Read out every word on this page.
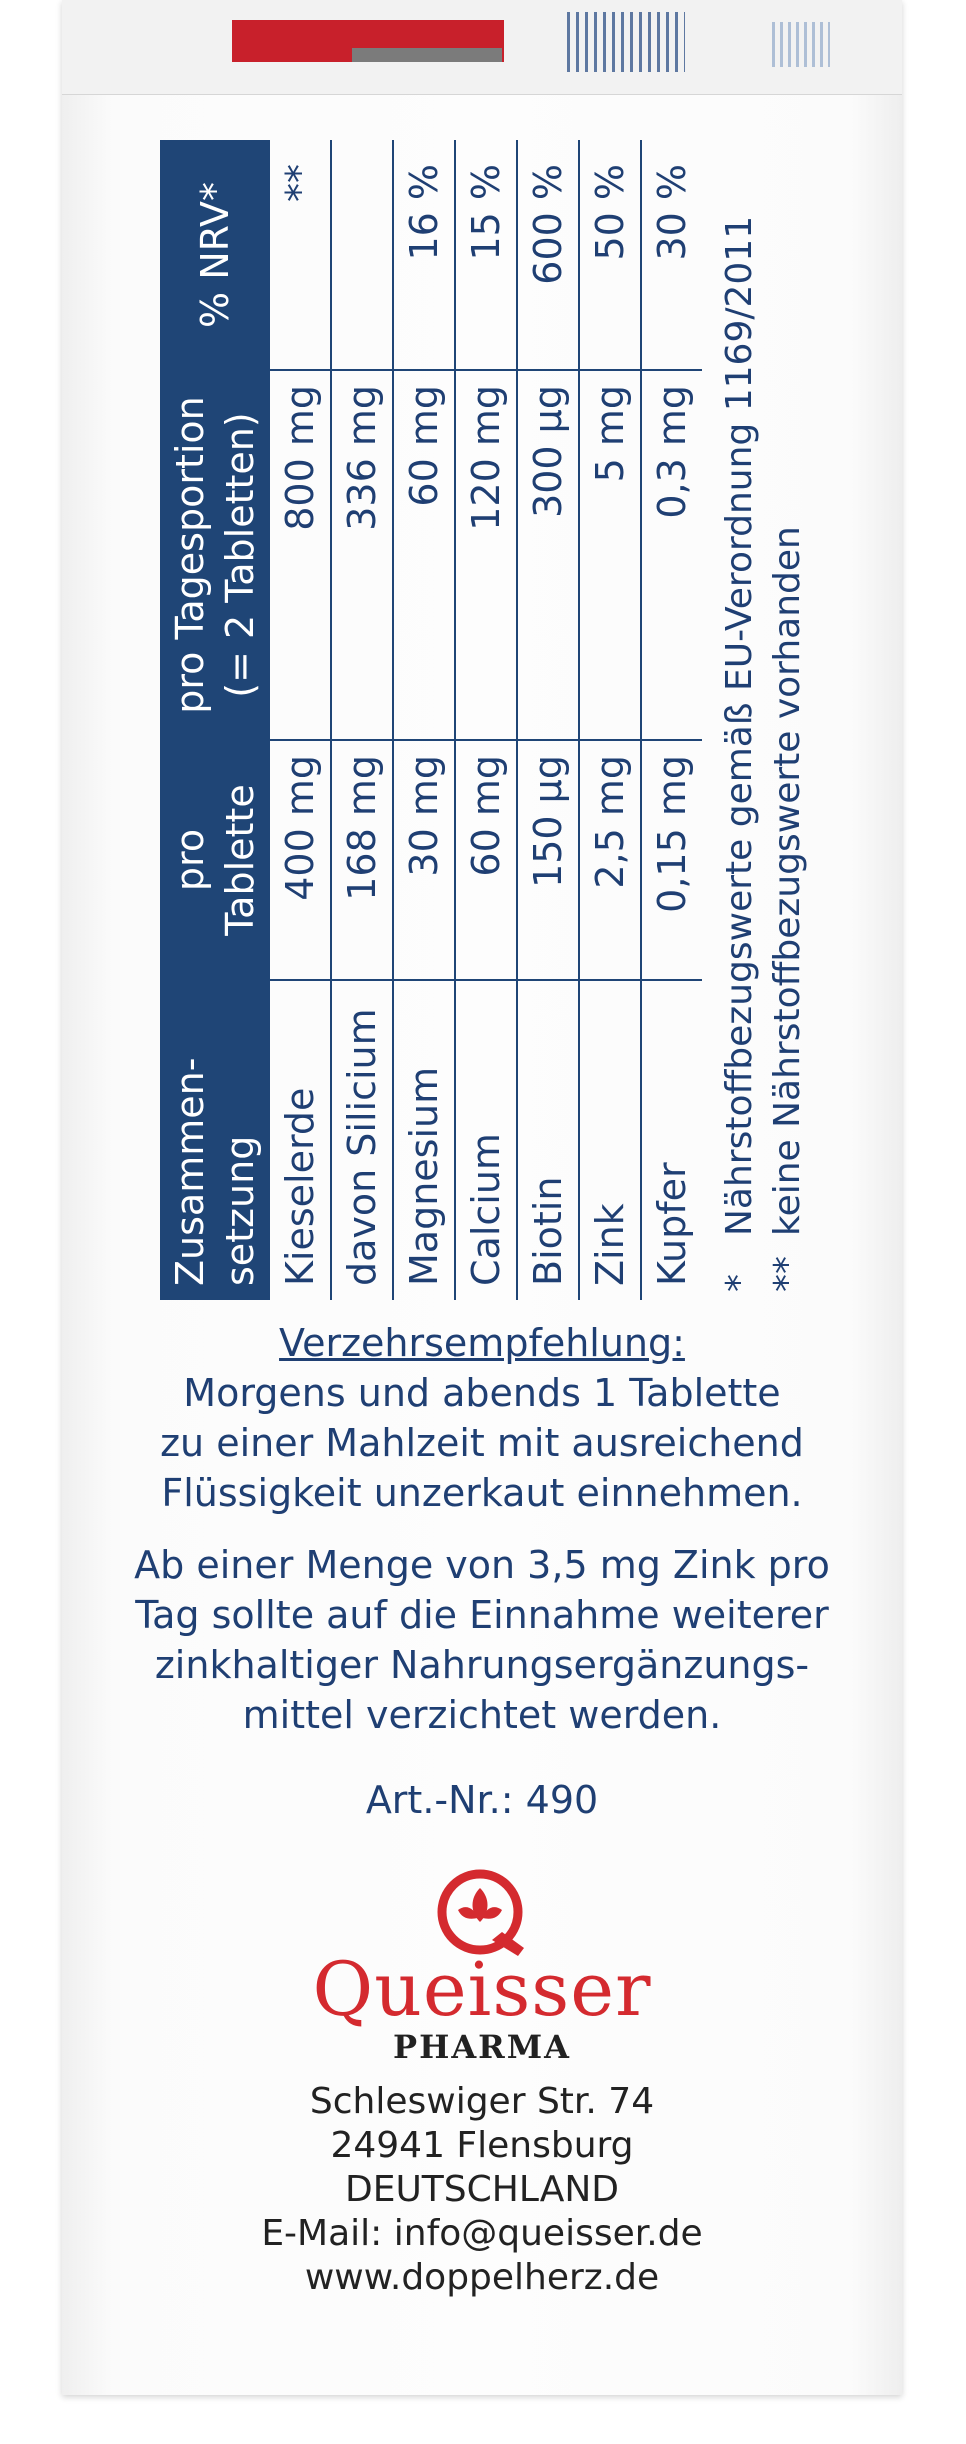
Zusammen- setzung	pro Tablette	pro Tagesportion (= 2 Tabletten)	% NRV*
Kieselerde	400 mg	800 mg	**
davon Silicium	168 mg	336 mg	
Magnesium	30 mg	60 mg	16 %
Calcium	60 mg	120 mg	15 %
Biotin	150 µg	300 µg	600 %
Zink	2,5 mg	5 mg	50 %
Kupfer	0,15 mg	0,3 mg	30 %
*Nährstoffbezugswerte gemäß EU-Verordnung 1169/2011
**keine Nährstoffbezugswerte vorhanden
Verzehrsempfehlung:
Morgens und abends 1 Tablette
zu einer Mahlzeit mit ausreichend
Flüssigkeit unzerkaut einnehmen.
Ab einer Menge von 3,5 mg Zink pro
Tag sollte auf die Einnahme weiterer
zinkhaltiger Nahrungsergänzungs-
mittel verzichtet werden.
Art.-Nr.: 490
Queisser
PHARMA
Schleswiger Str. 74
24941 Flensburg
DEUTSCHLAND
E-Mail: info@queisser.de
www.doppelherz.de
